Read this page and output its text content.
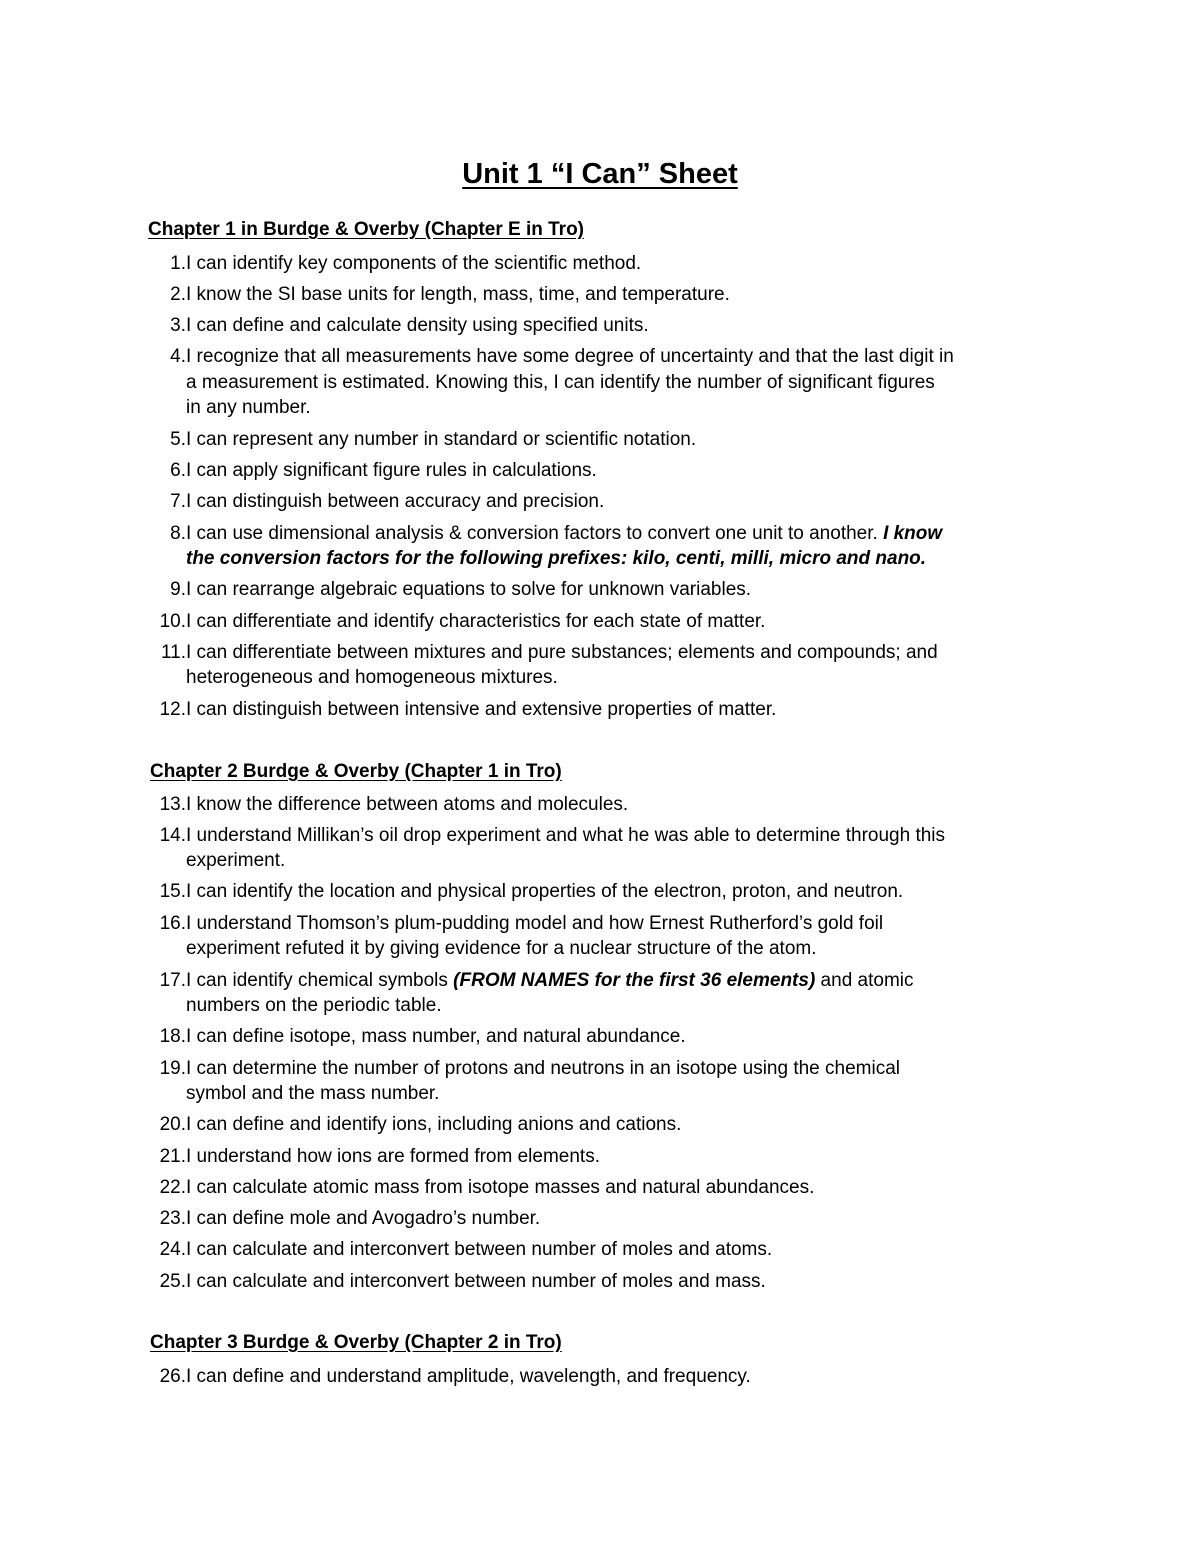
Unit 1 “I Can” Sheet
Chapter 1 in Burdge & Overby (Chapter E in Tro)
1. I can identify key components of the scientific method.
2. I know the SI base units for length, mass, time, and temperature.
3. I can define and calculate density using specified units.
4. I recognize that all measurements have some degree of uncertainty and that the last digit in
a measurement is estimated. Knowing this, I can identify the number of significant figures
in any number.
5. I can represent any number in standard or scientific notation.
6. I can apply significant figure rules in calculations.
7. I can distinguish between accuracy and precision.
8. I can use dimensional analysis & conversion factors to convert one unit to another. I know
the conversion factors for the following prefixes: kilo, centi, milli, micro and nano.
9. I can rearrange algebraic equations to solve for unknown variables.
10. I can differentiate and identify characteristics for each state of matter.
11. I can differentiate between mixtures and pure substances; elements and compounds; and
heterogeneous and homogeneous mixtures.
12. I can distinguish between intensive and extensive properties of matter.
Chapter 2 Burdge & Overby (Chapter 1 in Tro)
13. I know the difference between atoms and molecules.
14. I understand Millikan’s oil drop experiment and what he was able to determine through this
experiment.
15. I can identify the location and physical properties of the electron, proton, and neutron.
16. I understand Thomson’s plum-pudding model and how Ernest Rutherford’s gold foil
experiment refuted it by giving evidence for a nuclear structure of the atom.
17. I can identify chemical symbols (FROM NAMES for the first 36 elements) and atomic
numbers on the periodic table.
18. I can define isotope, mass number, and natural abundance.
19. I can determine the number of protons and neutrons in an isotope using the chemical
symbol and the mass number.
20. I can define and identify ions, including anions and cations.
21. I understand how ions are formed from elements.
22. I can calculate atomic mass from isotope masses and natural abundances.
23. I can define mole and Avogadro’s number.
24. I can calculate and interconvert between number of moles and atoms.
25. I can calculate and interconvert between number of moles and mass.
Chapter 3 Burdge & Overby (Chapter 2 in Tro)
26. I can define and understand amplitude, wavelength, and frequency.
